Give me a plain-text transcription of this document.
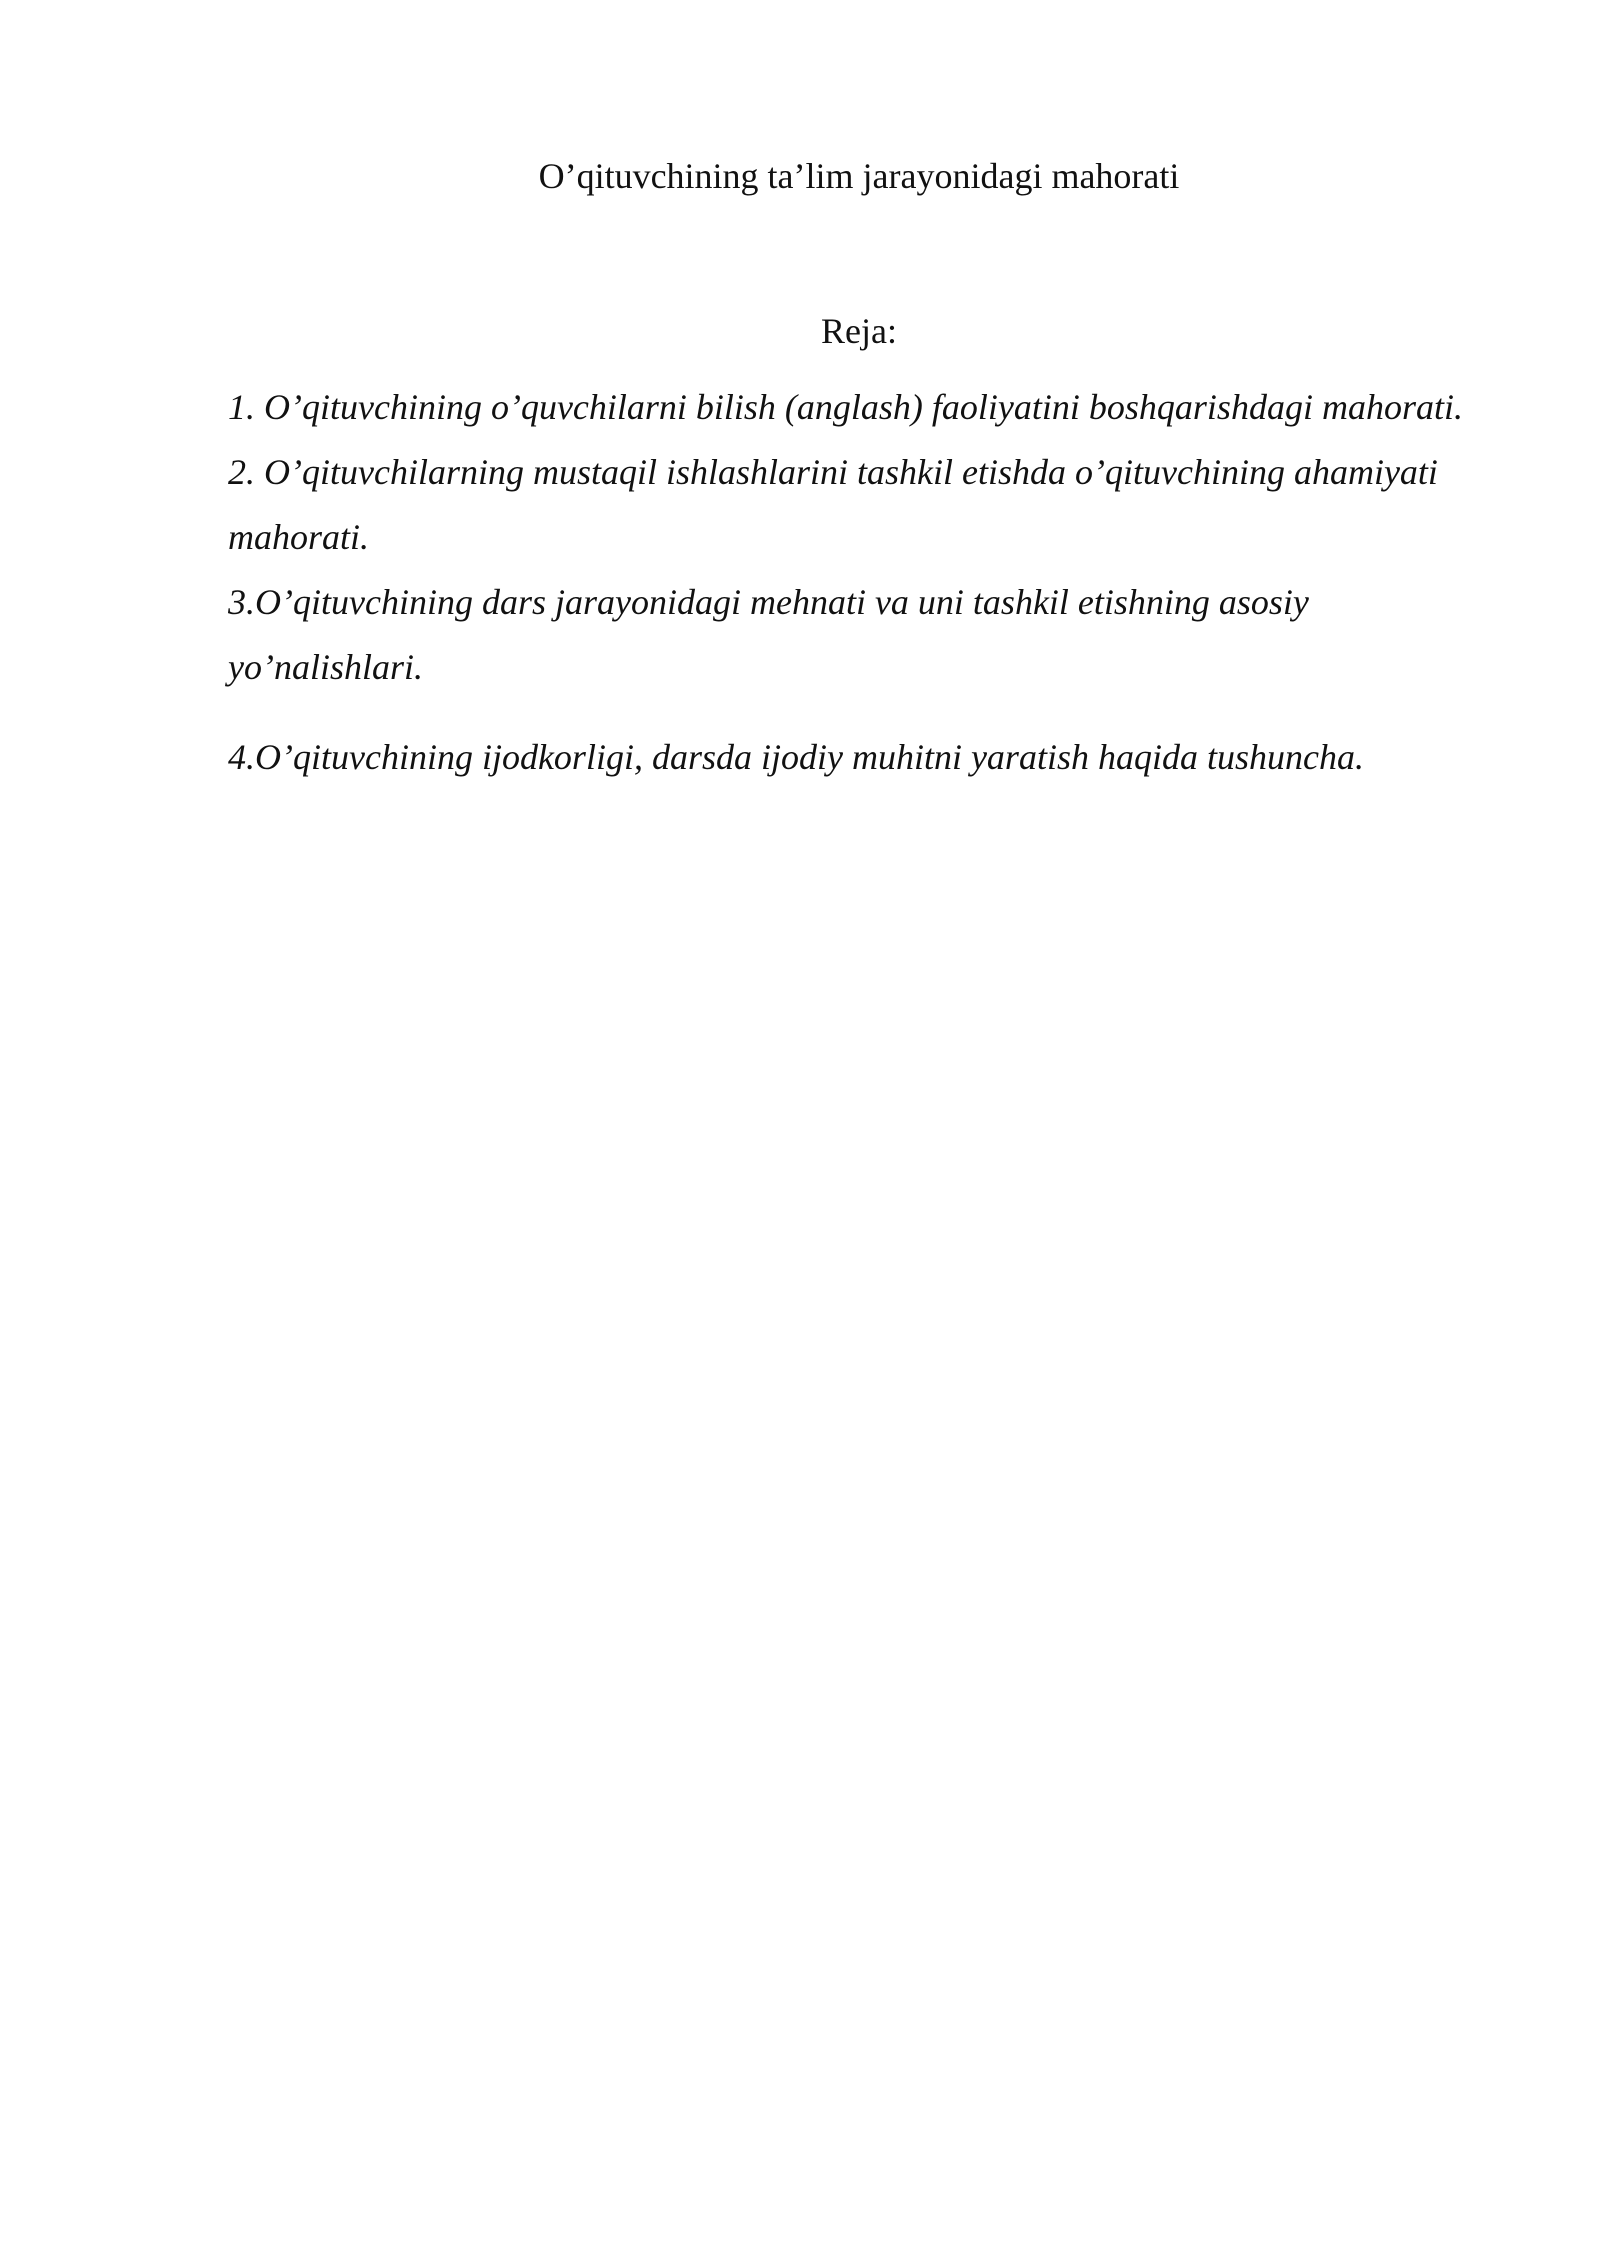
O’qituvchining ta’lim jarayonidagi mahorati
Reja:
1. O’qituvchining o’quvchilarni bilish (anglash) faoliyatini boshqarishdagi mahorati.
2. O’qituvchilarning mustaqil ishlashlarini tashkil etishda o’qituvchining ahamiyati mahorati.
3.O’qituvchining dars jarayonidagi mehnati va uni tashkil etishning asosiy yo’nalishlari.
4.O’qituvchining ijodkorligi, darsda ijodiy muhitni yaratish haqida tushuncha.
